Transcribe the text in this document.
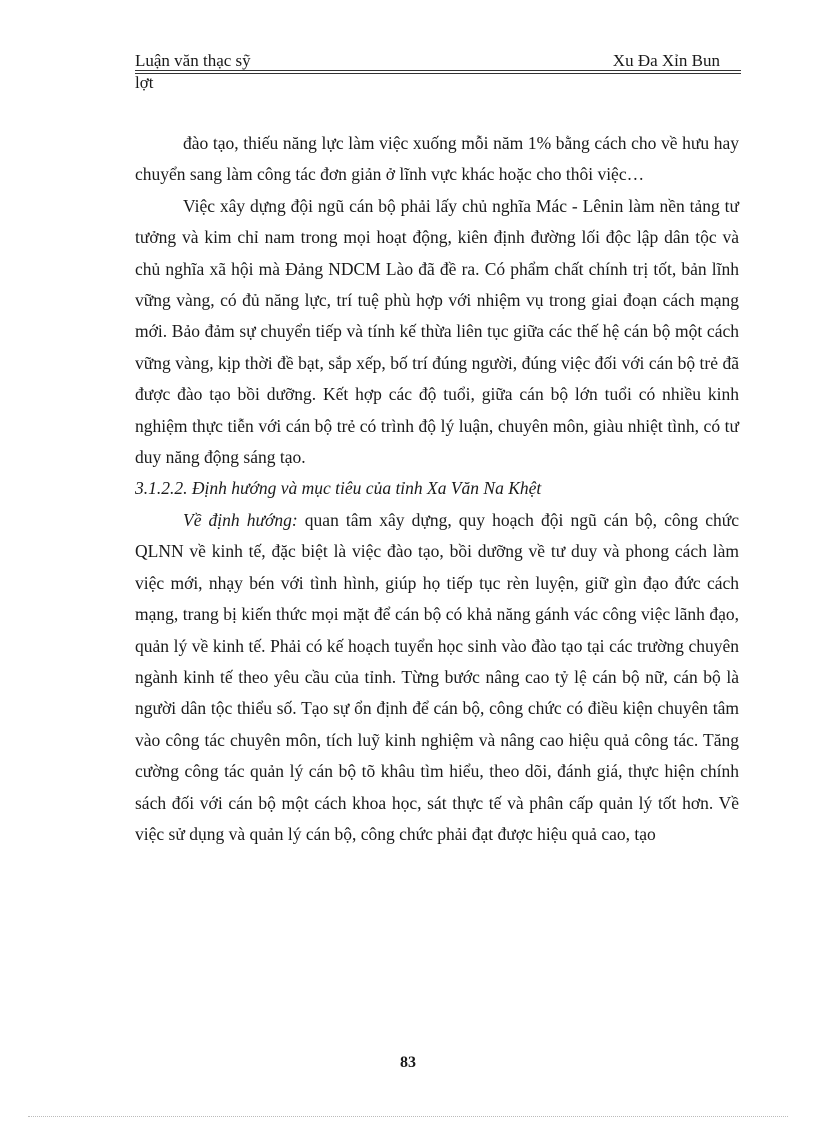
Luận văn thạc sỹ	Xu Đa Xỉn Bun
lợt

đào tạo, thiếu năng lực làm việc xuống mỗi năm 1% bằng cách cho về hưu hay chuyển sang làm công tác đơn giản ở lĩnh vực khác hoặc cho thôi việc…

Việc xây dựng đội ngũ cán bộ phải lấy chủ nghĩa Mác - Lênin làm nền tảng tư tưởng và kim chỉ nam trong mọi hoạt động, kiên định đường lối độc lập dân tộc và chủ nghĩa xã hội mà Đảng NDCM Lào đã đề ra. Có phẩm chất chính trị tốt, bản lĩnh vững vàng, có đủ năng lực, trí tuệ phù hợp với nhiệm vụ trong giai đoạn cách mạng mới. Bảo đảm sự chuyển tiếp và tính kế thừa liên tục giữa các thế hệ cán bộ một cách vững vàng, kịp thời đề bạt, sắp xếp, bố trí đúng người, đúng việc đối với cán bộ trẻ đã được đào tạo bồi dưỡng. Kết hợp các độ tuổi, giữa cán bộ lớn tuổi có nhiều kinh nghiệm thực tiễn với cán bộ trẻ có trình độ lý luận, chuyên môn, giàu nhiệt tình, có tư duy năng động sáng tạo.

3.1.2.2. Định hướng và mục tiêu của tỉnh Xa Văn Na Khệt

Về định hướng: quan tâm xây dựng, quy hoạch đội ngũ cán bộ, công chức QLNN về kinh tế, đặc biệt là việc đào tạo, bồi dưỡng về tư duy và phong cách làm việc mới, nhạy bén với tình hình, giúp họ tiếp tục rèn luyện, giữ gìn đạo đức cách mạng, trang bị kiến thức mọi mặt để cán bộ có khả năng gánh vác công việc lãnh đạo, quản lý về kinh tế. Phải có kế hoạch tuyển học sinh vào đào tạo tại các trường chuyên ngành kinh tế theo yêu cầu của tỉnh. Từng bước nâng cao tỷ lệ cán bộ nữ, cán bộ là người dân tộc thiểu số. Tạo sự ổn định để cán bộ, công chức có điều kiện chuyên tâm vào công tác chuyên môn, tích luỹ kinh nghiệm và nâng cao hiệu quả công tác. Tăng cường công tác quản lý cán bộ tõ khâu tìm hiểu, theo dõi, đánh giá, thực hiện chính sách đối với cán bộ một cách khoa học, sát thực tế và phân cấp quản lý tốt hơn. Về việc sử dụng và quản lý cán bộ, công chức phải đạt được hiệu quả cao, tạo

83
